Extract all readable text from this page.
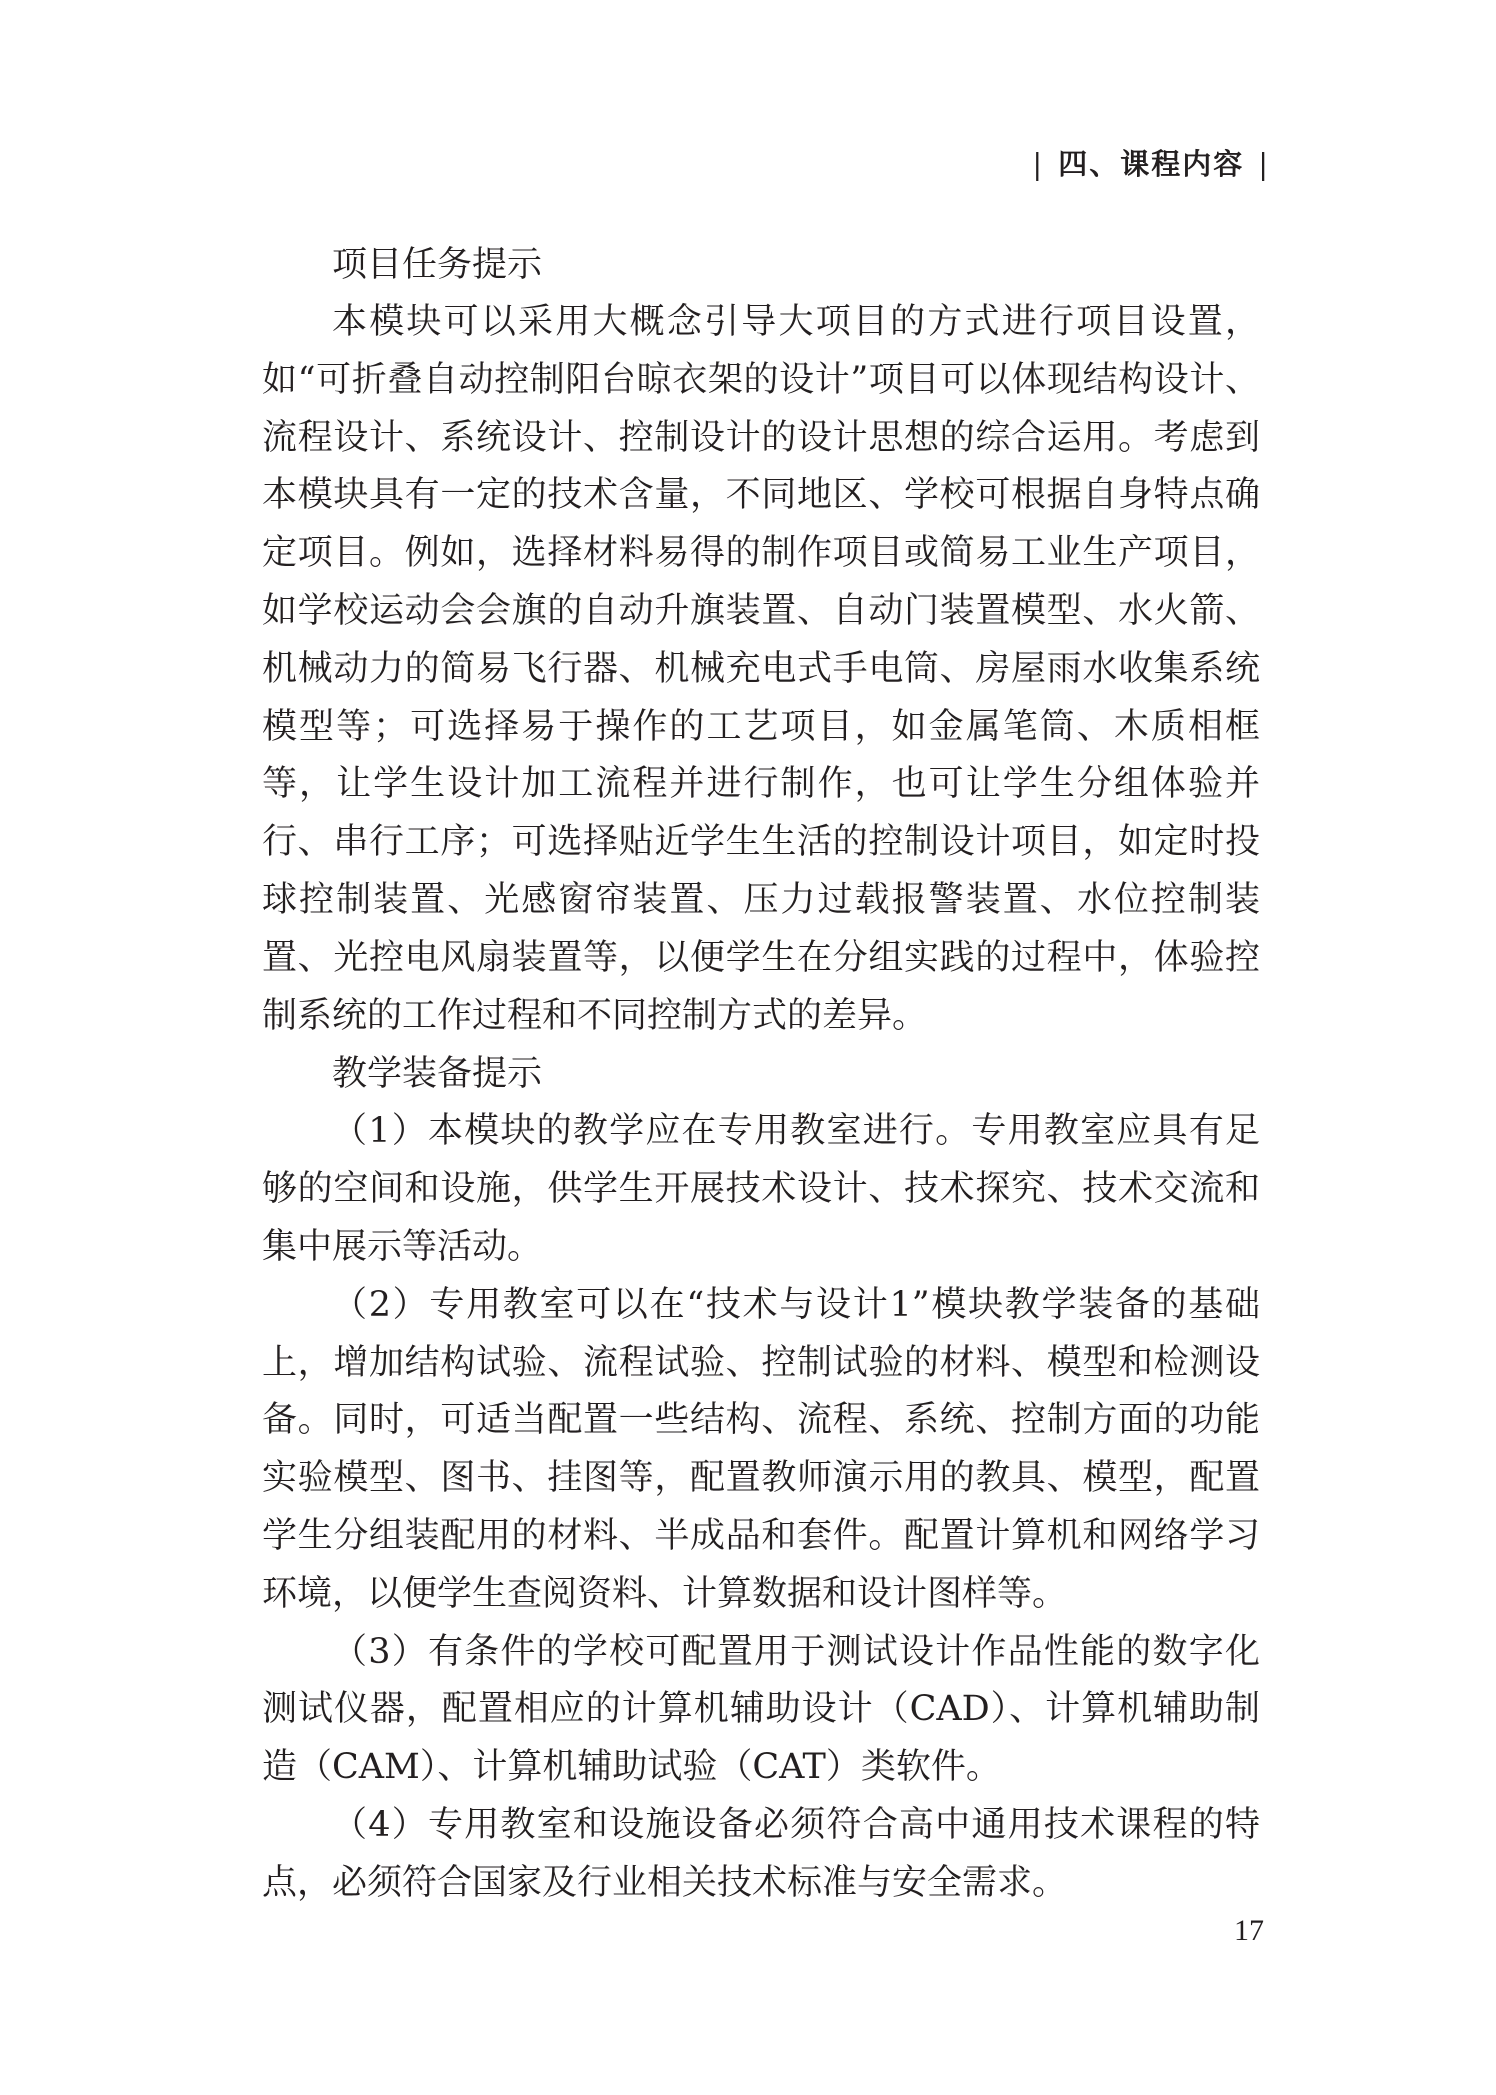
| 四、课程内容 |
项目任务提示

本模块可以采用大概念引导大项目的方式进行项目设置，如“可折叠自动控制阳台晾衣架的设计”项目可以体现结构设计、流程设计、系统设计、控制设计的设计思想的综合运用。考虑到本模块具有一定的技术含量，不同地区、学校可根据自身特点确定项目。例如，选择材料易得的制作项目或简易工业生产项目，如学校运动会会旗的自动升旗装置、自动门装置模型、水火箭、机械动力的简易飞行器、机械充电式手电筒、房屋雨水收集系统模型等；可选择易于操作的工艺项目，如金属笔筒、木质相框等，让学生设计加工流程并进行制作，也可让学生分组体验并行、串行工序；可选择贴近学生生活的控制设计项目，如定时投球控制装置、光感窗帘装置、压力过载报警装置、水位控制装置、光控电风扇装置等，以便学生在分组实践的过程中，体验控制系统的工作过程和不同控制方式的差异。

教学装备提示

（1）本模块的教学应在专用教室进行。专用教室应具有足够的空间和设施，供学生开展技术设计、技术探究、技术交流和集中展示等活动。

（2）专用教室可以在“技术与设计1”模块教学装备的基础上，增加结构试验、流程试验、控制试验的材料、模型和检测设备。同时，可适当配置一些结构、流程、系统、控制方面的功能实验模型、图书、挂图等，配置教师演示用的教具、模型，配置学生分组装配用的材料、半成品和套件。配置计算机和网络学习环境，以便学生查阅资料、计算数据和设计图样等。

（3）有条件的学校可配置用于测试设计作品性能的数字化测试仪器，配置相应的计算机辅助设计（CAD）、计算机辅助制造（CAM）、计算机辅助试验（CAT）类软件。

（4）专用教室和设施设备必须符合高中通用技术课程的特点，必须符合国家及行业相关技术标准与安全需求。

17
